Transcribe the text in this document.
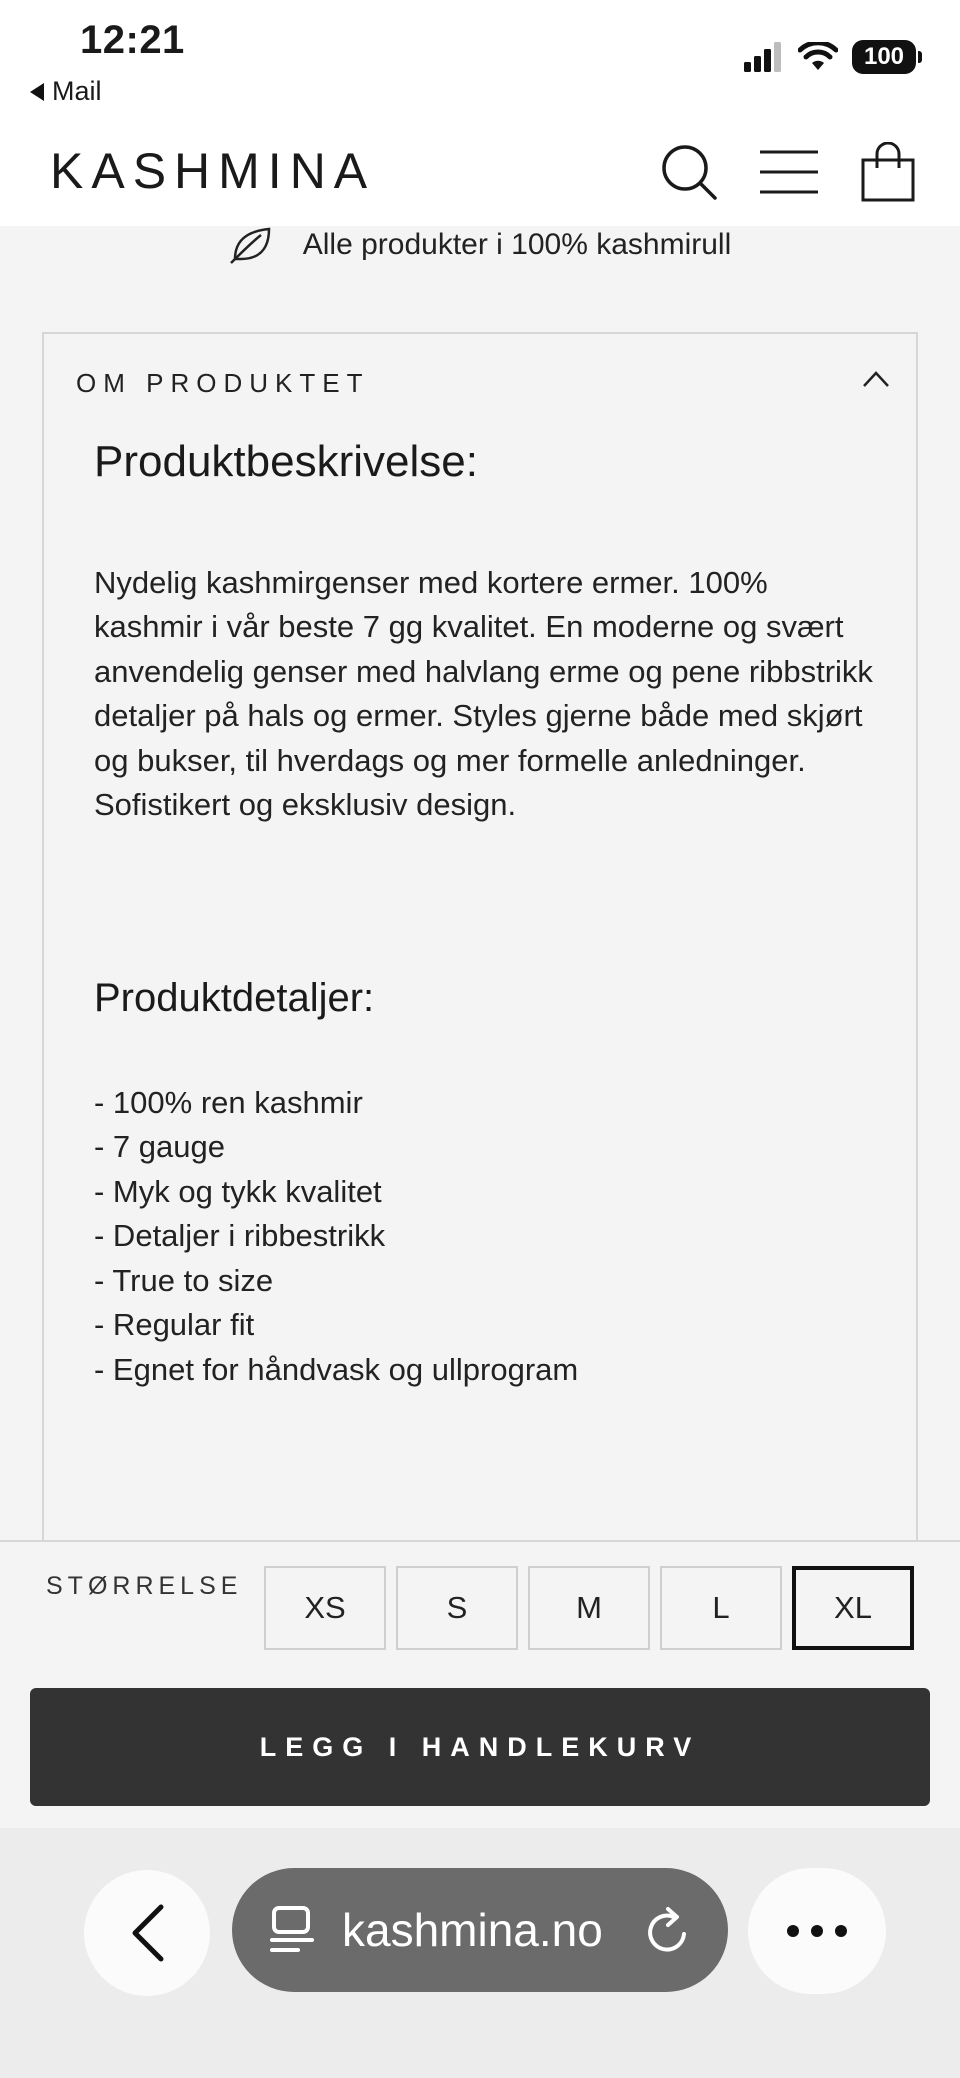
12:21
Mail
100
KASHMINA
Alle produkter i 100% kashmirull
OM PRODUKTET
Produktbeskrivelse:

Nydelig kashmirgenser med kortere ermer. 100% kashmir i vår beste 7 gg kvalitet. En moderne og svært anvendelig genser med halvlang erme og pene ribbstrikk detaljer på hals og ermer. Styles gjerne både med skjørt og bukser, til hverdags og mer formelle anledninger. Sofistikert og eksklusiv design.

Produktdetaljer:
- 100% ren kashmir
- 7 gauge
- Myk og tykk kvalitet
- Detaljer i ribbestrikk
- True to size
- Regular fit
- Egnet for håndvask og ullprogram
STØRRELSE
XS	S	M	L	XL
LEGG I HANDLEKURV
kashmina.no
